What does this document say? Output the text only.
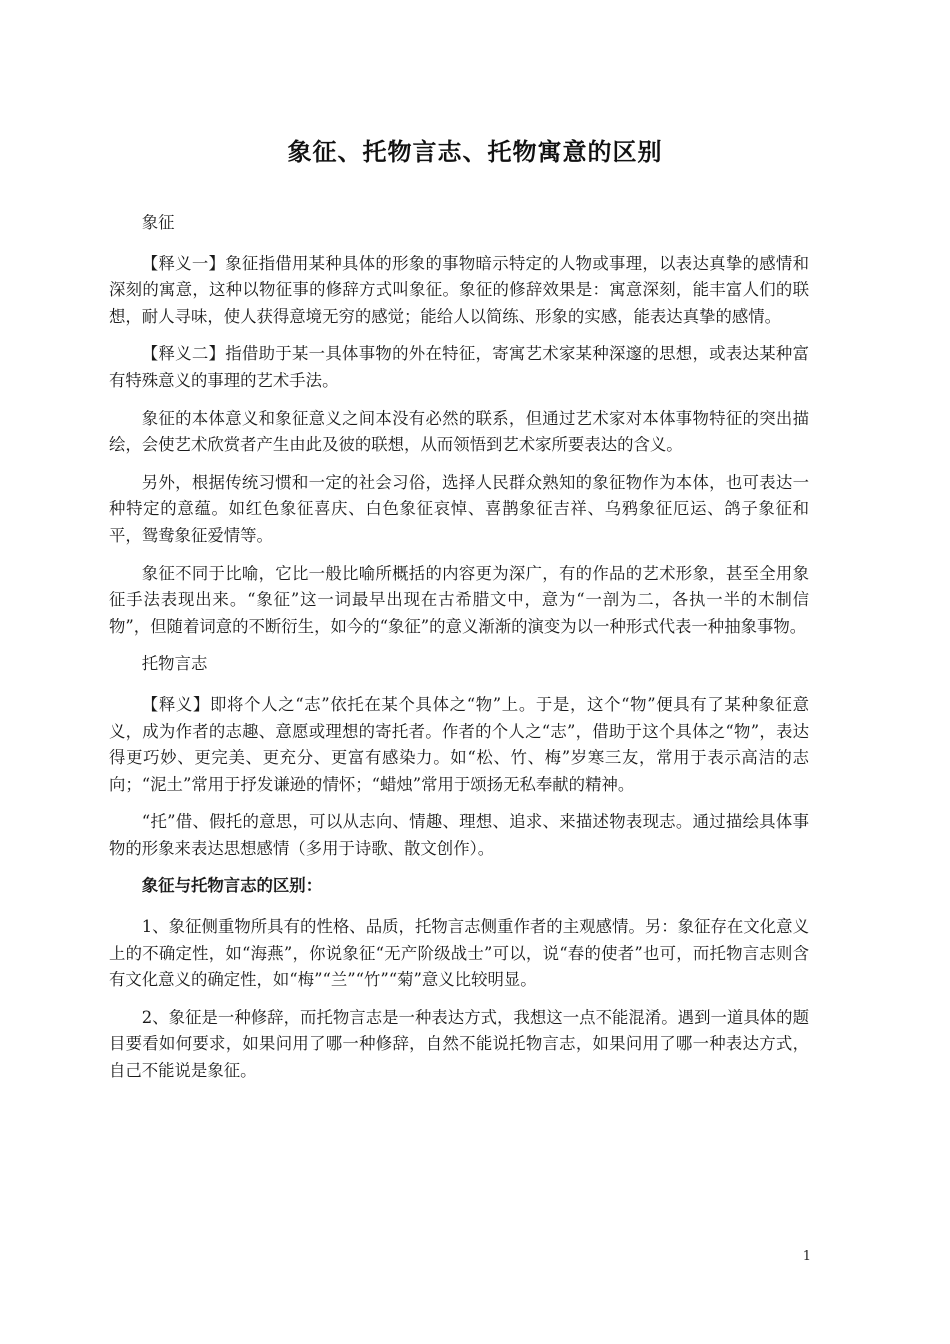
象征、托物言志、托物寓意的区别

象征

【释义一】象征指借用某种具体的形象的事物暗示特定的人物或事理，以表达真挚的感情和深刻的寓意，这种以物征事的修辞方式叫象征。象征的修辞效果是：寓意深刻，能丰富人们的联想，耐人寻味，使人获得意境无穷的感觉；能给人以简练、形象的实感，能表达真挚的感情。

【释义二】指借助于某一具体事物的外在特征，寄寓艺术家某种深邃的思想，或表达某种富有特殊意义的事理的艺术手法。

象征的本体意义和象征意义之间本没有必然的联系，但通过艺术家对本体事物特征的突出描绘，会使艺术欣赏者产生由此及彼的联想，从而领悟到艺术家所要表达的含义。

另外，根据传统习惯和一定的社会习俗，选择人民群众熟知的象征物作为本体，也可表达一种特定的意蕴。如红色象征喜庆、白色象征哀悼、喜鹊象征吉祥、乌鸦象征厄运、鸽子象征和平，鸳鸯象征爱情等。

象征不同于比喻，它比一般比喻所概括的内容更为深广，有的作品的艺术形象，甚至全用象征手法表现出来。“象征”这一词最早出现在古希腊文中，意为“一剖为二，各执一半的木制信物”，但随着词意的不断衍生，如今的“象征”的意义渐渐的演变为以一种形式代表一种抽象事物。

托物言志

【释义】即将个人之“志”依托在某个具体之“物”上。于是，这个“物”便具有了某种象征意义，成为作者的志趣、意愿或理想的寄托者。作者的个人之“志”，借助于这个具体之“物”，表达得更巧妙、更完美、更充分、更富有感染力。如“松、竹、梅”岁寒三友，常用于表示高洁的志向；“泥土”常用于抒发谦逊的情怀；“蜡烛”常用于颂扬无私奉献的精神。

“托”借、假托的意思，可以从志向、情趣、理想、追求、来描述物表现志。通过描绘具体事物的形象来表达思想感情（多用于诗歌、散文创作）。

象征与托物言志的区别：

1、象征侧重物所具有的性格、品质，托物言志侧重作者的主观感情。另：象征存在文化意义上的不确定性，如“海燕”，你说象征“无产阶级战士”可以，说“春的使者”也可，而托物言志则含有文化意义的确定性，如“梅”“兰”“竹”“菊”意义比较明显。

2、象征是一种修辞，而托物言志是一种表达方式，我想这一点不能混淆。遇到一道具体的题目要看如何要求，如果问用了哪一种修辞，自然不能说托物言志，如果问用了哪一种表达方式，自己不能说是象征。

1
